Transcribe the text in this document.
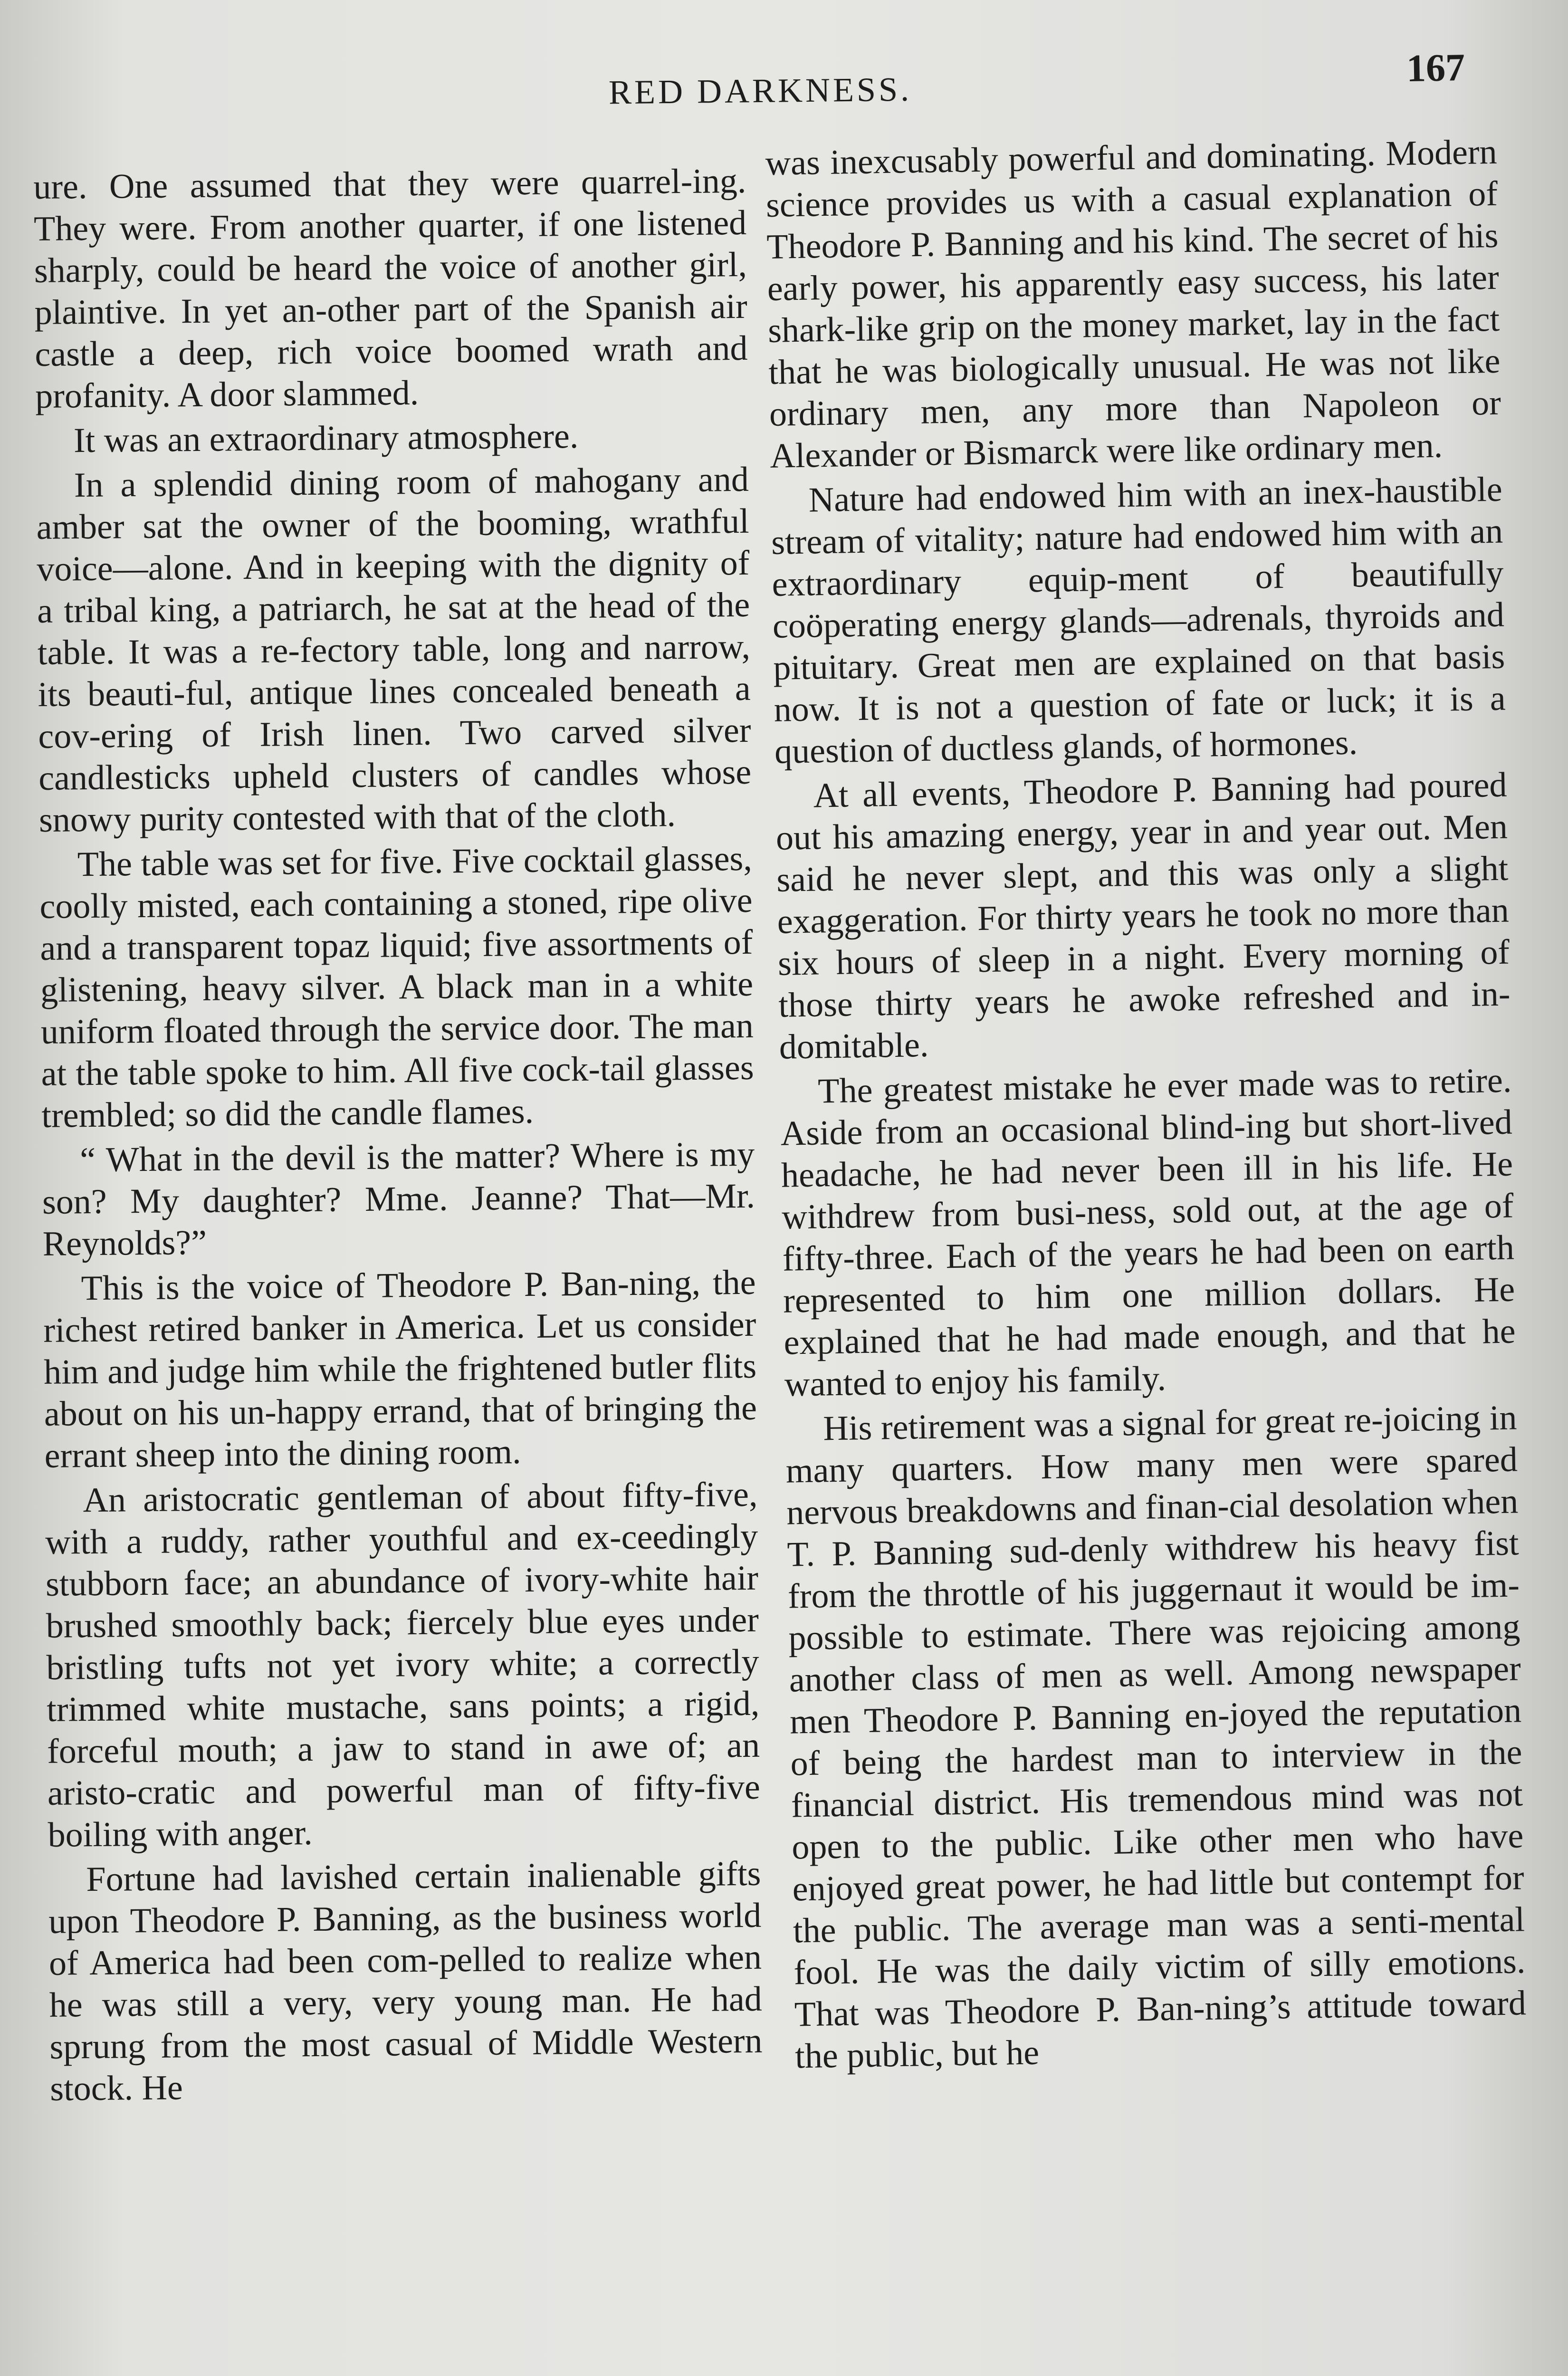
RED DARKNESS.
167

ure. One assumed that they were quarrel-ing. They were. From another quarter, if one listened sharply, could be heard the voice of another girl, plaintive. In yet an-other part of the Spanish air castle a deep, rich voice boomed wrath and profanity. A door slammed.

It was an extraordinary atmosphere.

In a splendid dining room of mahogany and amber sat the owner of the booming, wrathful voice—alone. And in keeping with the dignity of a tribal king, a patriarch, he sat at the head of the table. It was a re-fectory table, long and narrow, its beauti-ful, antique lines concealed beneath a cov-ering of Irish linen. Two carved silver candlesticks upheld clusters of candles whose snowy purity contested with that of the cloth.

The table was set for five. Five cocktail glasses, coolly misted, each containing a stoned, ripe olive and a transparent topaz liquid; five assortments of glistening, heavy silver. A black man in a white uniform floated through the service door. The man at the table spoke to him. All five cock-tail glasses trembled; so did the candle flames.

“ What in the devil is the matter? Where is my son? My daughter? Mme. Jeanne? That—Mr. Reynolds?”

This is the voice of Theodore P. Ban-ning, the richest retired banker in America. Let us consider him and judge him while the frightened butler flits about on his un-happy errand, that of bringing the errant sheep into the dining room.

An aristocratic gentleman of about fifty-five, with a ruddy, rather youthful and ex-ceedingly stubborn face; an abundance of ivory-white hair brushed smoothly back; fiercely blue eyes under bristling tufts not yet ivory white; a correctly trimmed white mustache, sans points; a rigid, forceful mouth; a jaw to stand in awe of; an aristo-cratic and powerful man of fifty-five boiling with anger.

Fortune had lavished certain inalienable gifts upon Theodore P. Banning, as the business world of America had been com-pelled to realize when he was still a very, very young man. He had sprung from the most casual of Middle Western stock. He

was inexcusably powerful and dominating. Modern science provides us with a casual explanation of Theodore P. Banning and his kind. The secret of his early power, his apparently easy success, his later shark-like grip on the money market, lay in the fact that he was biologically unusual. He was not like ordinary men, any more than Napoleon or Alexander or Bismarck were like ordinary men.

Nature had endowed him with an inex-haustible stream of vitality; nature had endowed him with an extraordinary equip-ment of beautifully coöperating energy glands—adrenals, thyroids and pituitary. Great men are explained on that basis now. It is not a question of fate or luck; it is a question of ductless glands, of hormones.

At all events, Theodore P. Banning had poured out his amazing energy, year in and year out. Men said he never slept, and this was only a slight exaggeration. For thirty years he took no more than six hours of sleep in a night. Every morning of those thirty years he awoke refreshed and in-domitable.

The greatest mistake he ever made was to retire. Aside from an occasional blind-ing but short-lived headache, he had never been ill in his life. He withdrew from busi-ness, sold out, at the age of fifty-three. Each of the years he had been on earth represented to him one million dollars. He explained that he had made enough, and that he wanted to enjoy his family.

His retirement was a signal for great re-joicing in many quarters. How many men were spared nervous breakdowns and finan-cial desolation when T. P. Banning sud-denly withdrew his heavy fist from the throttle of his juggernaut it would be im-possible to estimate. There was rejoicing among another class of men as well. Among newspaper men Theodore P. Banning en-joyed the reputation of being the hardest man to interview in the financial district. His tremendous mind was not open to the public. Like other men who have enjoyed great power, he had little but contempt for the public. The average man was a senti-mental fool. He was the daily victim of silly emotions. That was Theodore P. Ban-ning’s attitude toward the public, but he
